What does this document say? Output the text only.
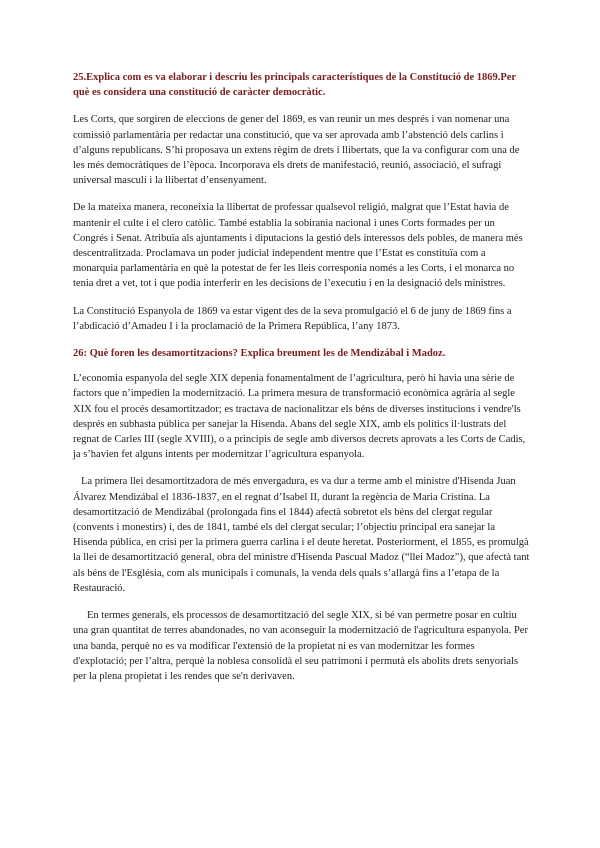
25.Explica com es va elaborar i descriu les principals característiques de la Constitució de 1869.Per què es considera una constitució de caràcter democràtic.

Les Corts, que sorgiren de eleccions de gener del 1869, es van reunir un mes després i van nomenar una comissió parlamentària per redactar una constitució, que va ser aprovada amb l’abstenció dels carlins i d’alguns republicans. S’hi proposava un extens règim de drets i llibertats, que la va configurar com una de les més democràtiques de l’època. Incorporava els drets de manifestació, reunió, associació, el sufragi universal masculí i la llibertat d’ensenyament.

De la mateixa manera, reconeixia la llibertat de professar qualsevol religió, malgrat que l’Estat havia de mantenir el culte i el clero catòlic. També establia la sobirania nacional i unes Corts formades per un Congrés i Senat. Atribuïa als ajuntaments i diputacions la gestió dels interessos dels pobles, de manera més descentralitzada. Proclamava un poder judicial independent mentre que l’Estat es constituïa com a monarquia parlamentària en què la potestat de fer les lleis corresponia només a les Corts, i el monarca no tenia dret a vet, tot i que podia interferir en les decisions de l’executiu i en la designació dels ministres.

La Constitució Espanyola de 1869 va estar vigent des de la seva promulgació el 6 de juny de 1869 fins a l’abdicació d’Amadeu I i la proclamació de la Primera República, l’any 1873.

26: Què foren les desamortitzacions? Explica breument les de Mendizábal i Madoz.

L’economia espanyola del segle XIX depenia fonamentalment de l’agricultura, però hi havia una sèrie de factors que n’impedien la modernització. La primera mesura de transformació econòmica agrària al segle XIX fou el procés desamortitzador; es tractava de nacionalitzar els béns de diverses institucions i vendre'ls després en subhasta pública per sanejar la Hisenda. Abans del segle XIX, amb els polítics il·lustrats del regnat de Carles III (segle XVIII), o a principis de segle amb diversos decrets aprovats a les Corts de Cadis, ja s’havien fet alguns intents per modernitzar l’agricultura espanyola.

La primera llei desamortitzadora de més envergadura, es va dur a terme amb el ministre d'Hisenda Juan Álvarez Mendizábal el 1836-1837, en el regnat d’Isabel II, durant la regència de Maria Cristina. La desamortització de Mendizábal (prolongada fins el 1844) afectà sobretot els béns del clergat regular (convents i monestirs) i, des de 1841, també els del clergat secular; l’objectiu principal era sanejar la Hisenda pública, en crisi per la primera guerra carlina i el deute heretat. Posteriorment, el 1855, es promulgà la llei de desamortització general, obra del ministre d'Hisenda Pascual Madoz (“llei Madoz”), que afectà tant als béns de l'Església, com als municipals i comunals, la venda dels quals s’allargà fins a l’etapa de la Restauració.

En termes generals, els processos de desamortització del segle XIX, si bé van permetre posar en cultiu una gran quantitat de terres abandonades, no van aconseguir la modernització de l'agricultura espanyola. Per una banda, perquè no es va modificar l'extensió de la propietat ni es van modernitzar les formes d'explotació; per l’altra, perquè la noblesa consolidà el seu patrimoni i permutà els abolits drets senyorials per la plena propietat i les rendes que se'n derivaven.
